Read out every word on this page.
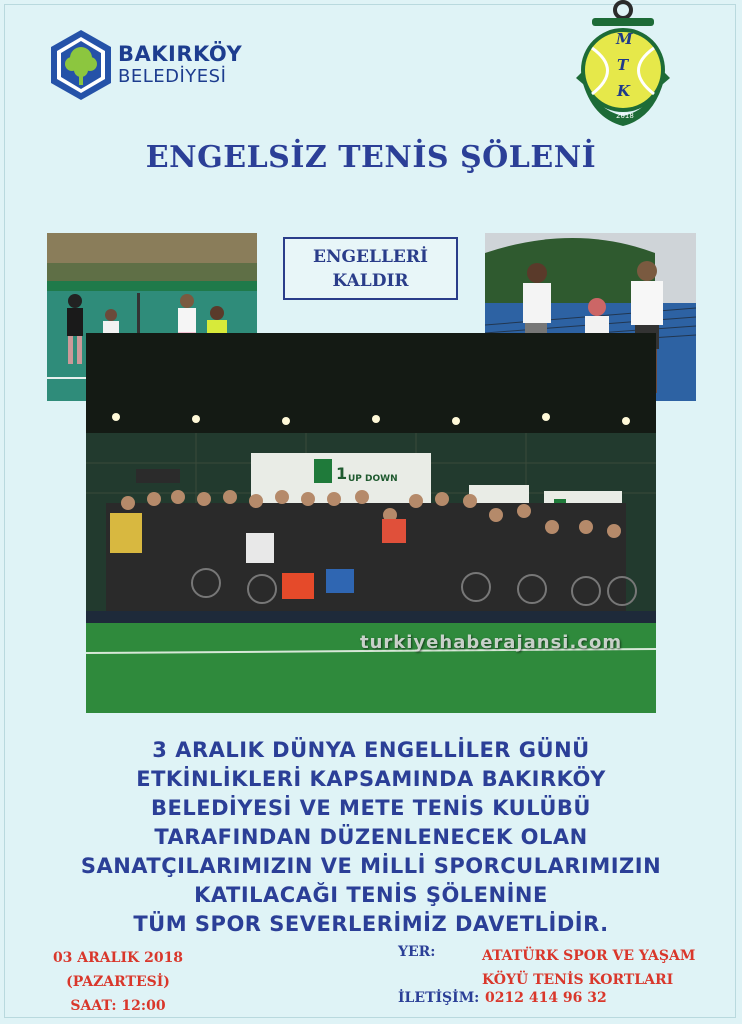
BAKIRKÖY
BELEDİYESİ
M
T
K
2018
ENGELSİZ TENİS ŞÖLENİ
ENGELLERİ
KALDIR
1 UP DOWN
turkiyehaberajansi.com
3 ARALIK DÜNYA ENGELLİLER GÜNÜ
ETKİNLİKLERİ KAPSAMINDA BAKIRKÖY
BELEDİYESİ VE METE TENİS KULÜBÜ
TARAFINDAN DÜZENLENECEK OLAN
SANATÇILARIMIZIN VE MİLLİ SPORCULARIMIZIN
KATILACAĞI TENİS ŞÖLENİNE
TÜM SPOR SEVERLERİMİZ DAVETLİDİR.
03 ARALIK 2018
(PAZARTESİ)
SAAT: 12:00
YER:	ATATÜRK SPOR VE YAŞAM
KÖYÜ TENİS KORTLARI
İLETİŞİM: 0212 414 96 32
